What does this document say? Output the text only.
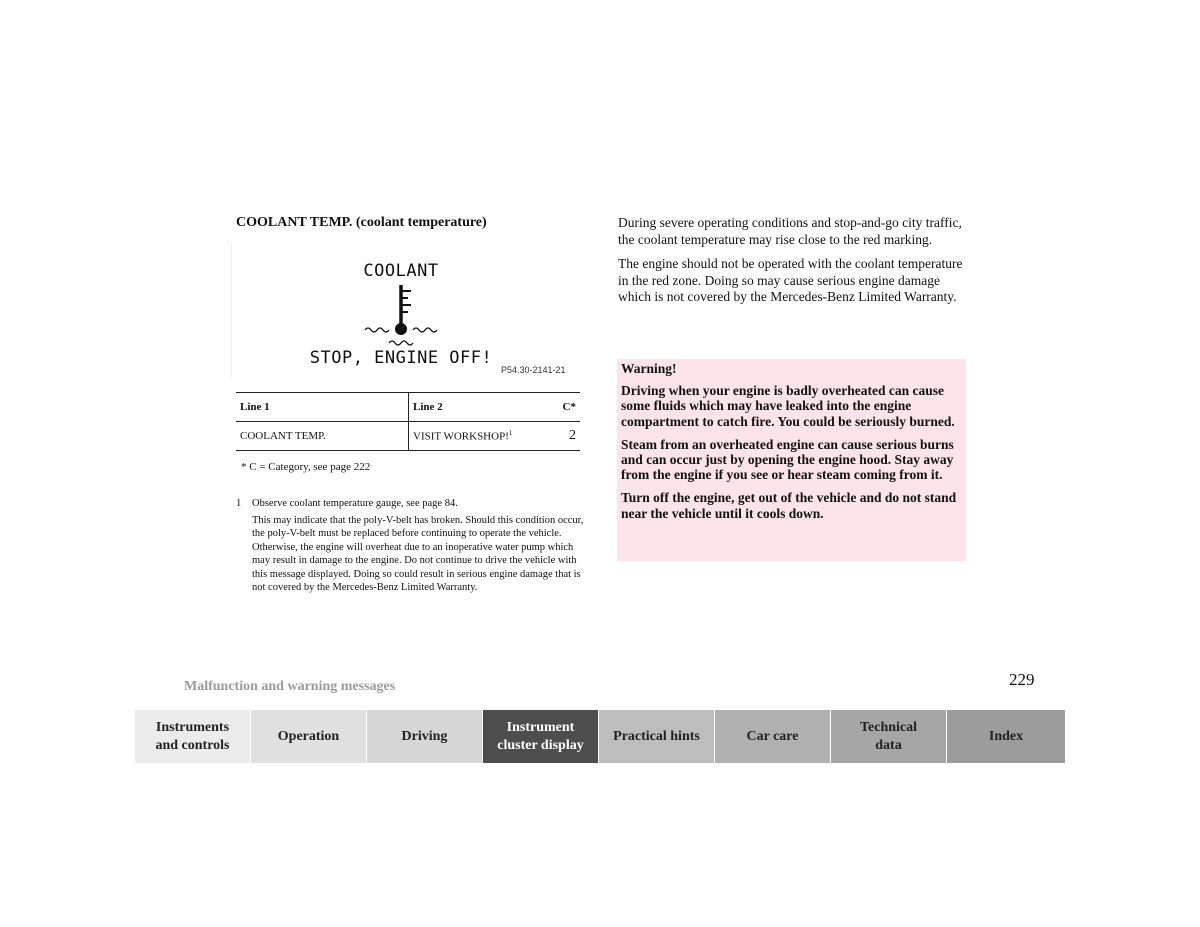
COOLANT TEMP. (coolant temperature)
COOLANT
STOP, ENGINE OFF!
P54.30-2141-21
Line 1	Line 2	C*
COOLANT TEMP.	VISIT WORKSHOP!$^1$	2
* C = Category, see page 222
1 Observe coolant temperature gauge, see page 84.
This may indicate that the poly-V-belt has broken. Should this condition occur, the poly-V-belt must be replaced before continuing to operate the vehicle. Otherwise, the engine will overheat due to an inoperative water pump which may result in damage to the engine. Do not continue to drive the vehicle with this message displayed. Doing so could result in serious engine damage that is not covered by the Mercedes-Benz Limited Warranty.

During severe operating conditions and stop-and-go city traffic, the coolant temperature may rise close to the red marking.

The engine should not be operated with the coolant temperature in the red zone. Doing so may cause serious engine damage which is not covered by the Mercedes-Benz Limited Warranty.

Warning!

Driving when your engine is badly overheated can cause some fluids which may have leaked into the engine compartment to catch fire. You could be seriously burned.

Steam from an overheated engine can cause serious burns and can occur just by opening the engine hood. Stay away from the engine if you see or hear steam coming from it.

Turn off the engine, get out of the vehicle and do not stand near the vehicle until it cools down.

Malfunction and warning messages	229
Instruments
and controls
Operation	Driving
Instrument
cluster display
Practical hints	Car care
Technical
data
Index
